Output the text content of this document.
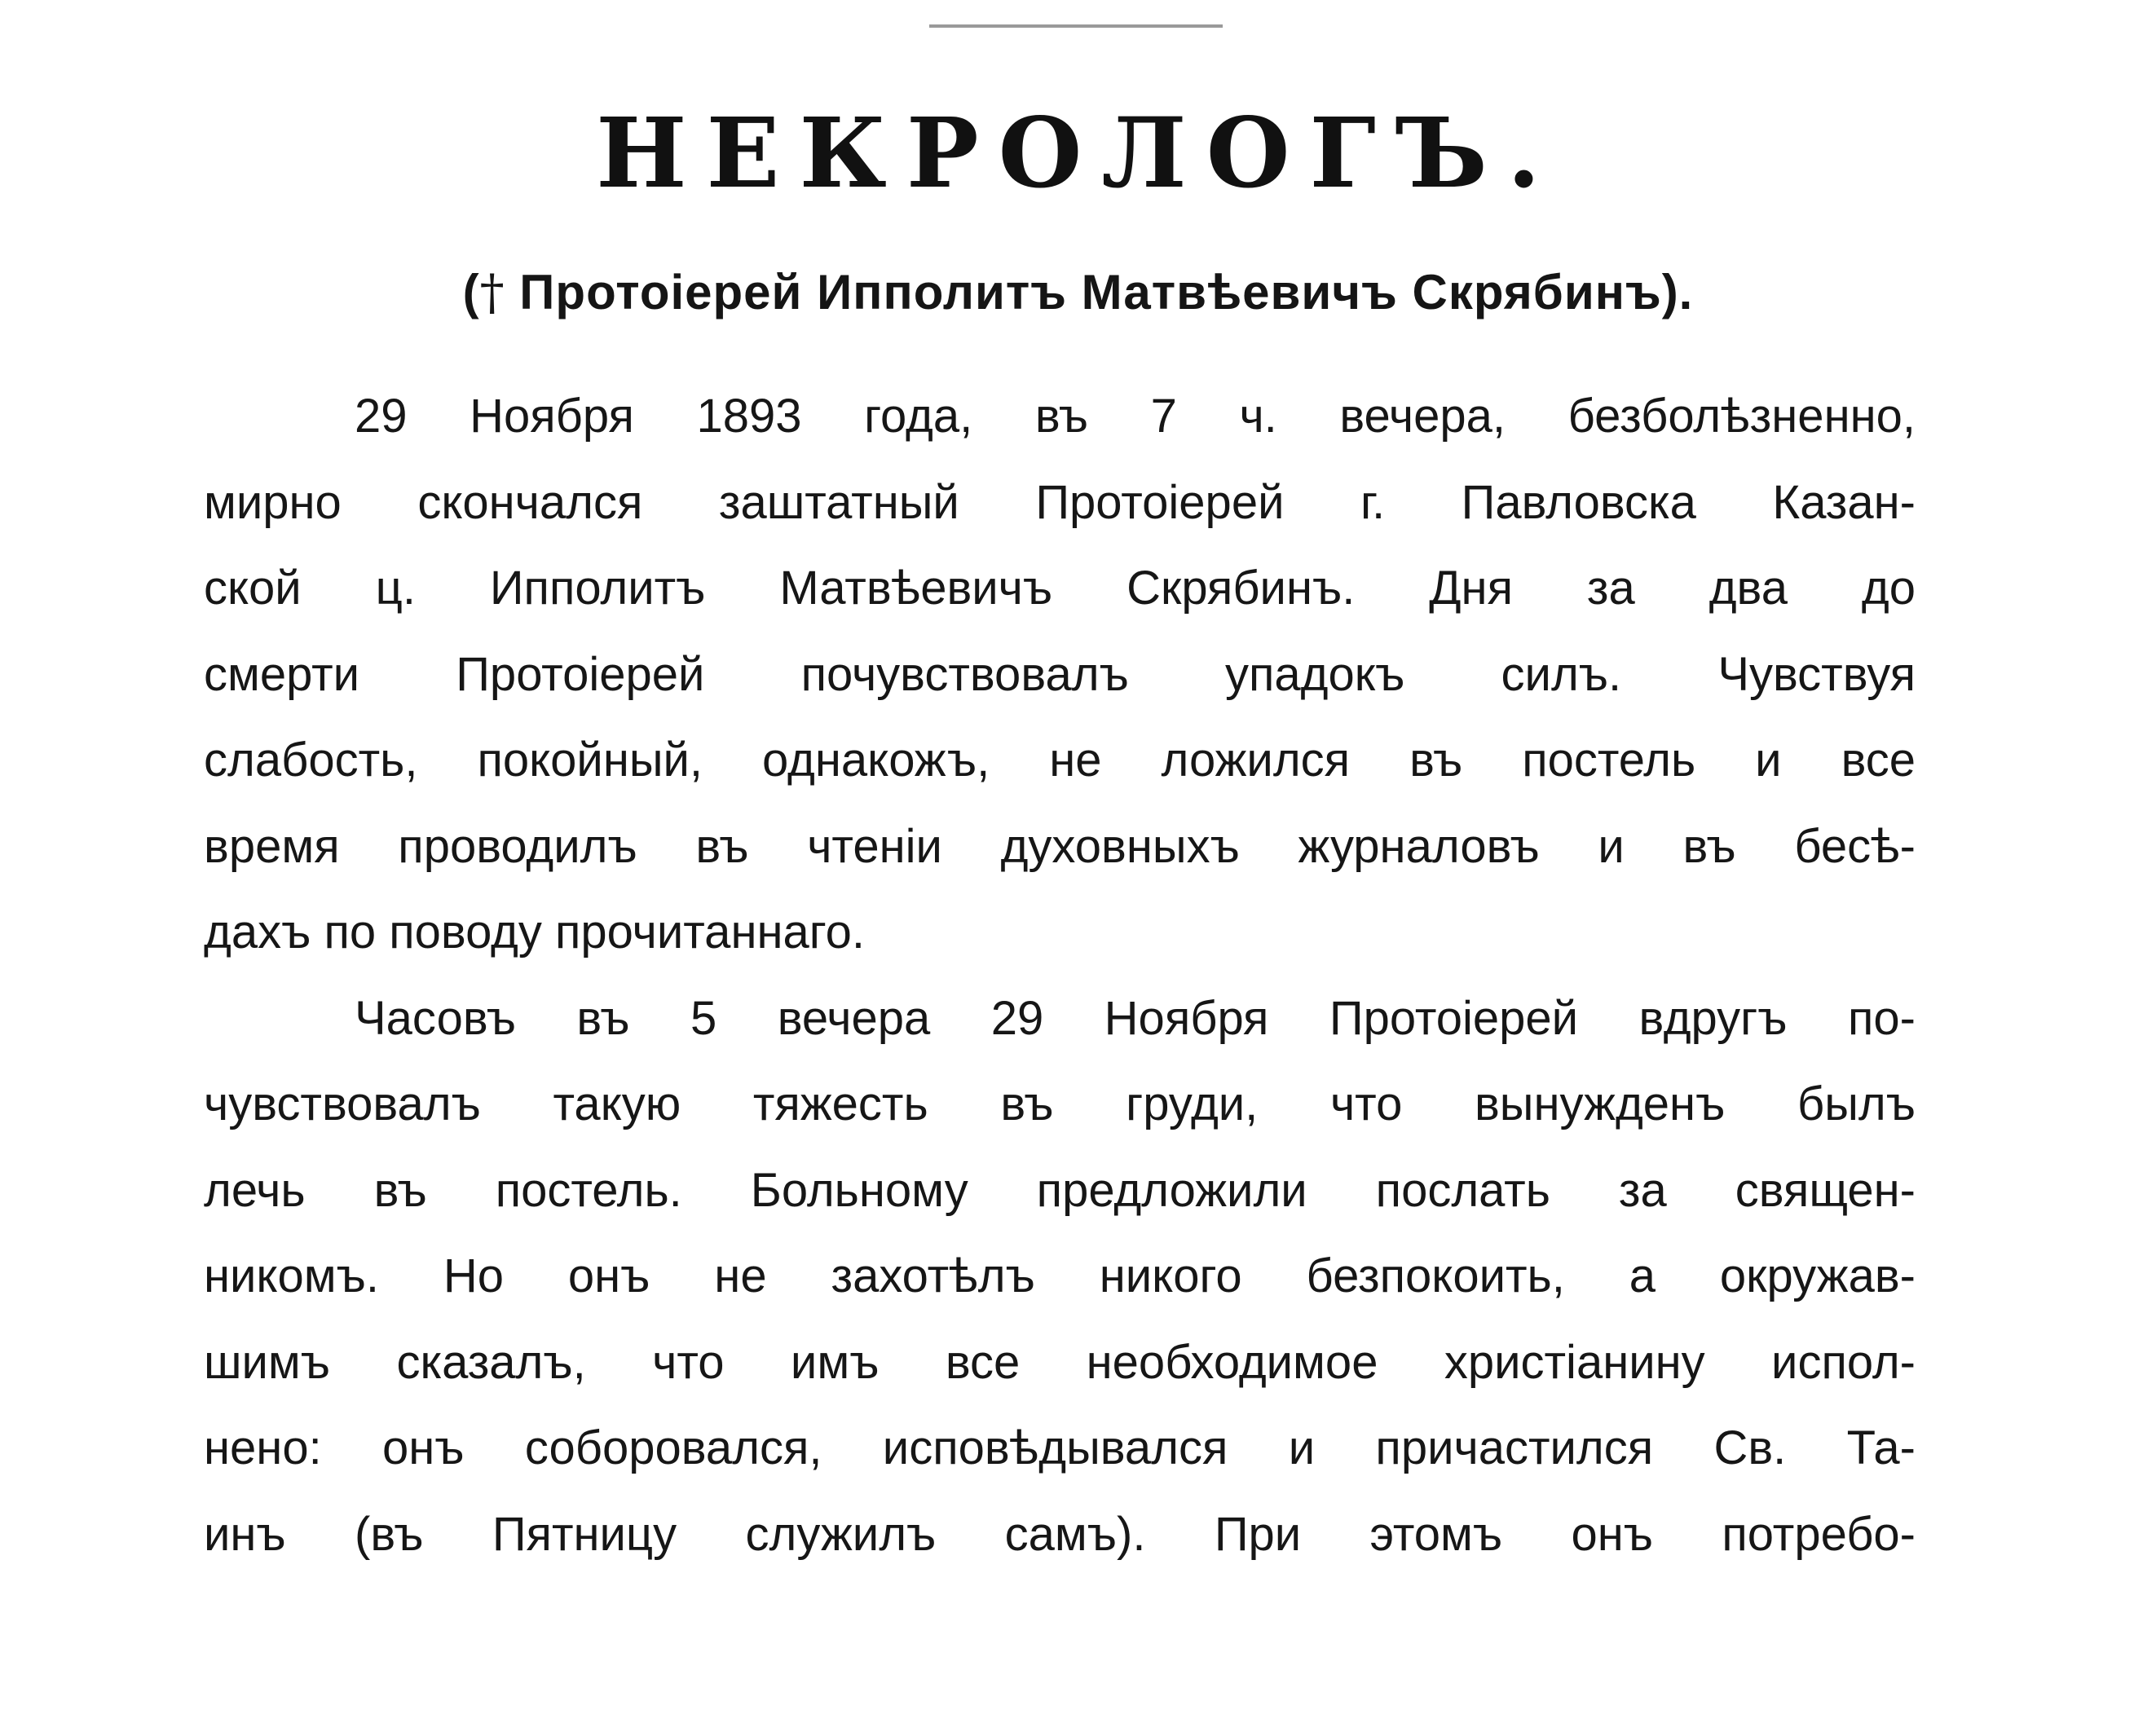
НЕКРОЛОГЪ.
(† Протоіерей Ипполитъ Матвѣевичъ Скрябинъ).
29 Ноября 1893 года, въ 7 ч. вечера, безболѣзненно,
мирно скончался заштатный Протоіерей г. Павловска Казан-
ской ц. Ипполитъ Матвѣевичъ Скрябинъ. Дня за два до
смерти Протоіерей почувствовалъ упадокъ силъ. Чувствуя
слабость, покойный, однакожъ, не ложился въ постель и все
время проводилъ въ чтеніи духовныхъ журналовъ и въ бесѣ-
дахъ по поводу прочитаннаго.
Часовъ въ 5 вечера 29 Ноября Протоіерей вдругъ по-
чувствовалъ такую тяжесть въ груди, что вынужденъ былъ
лечь въ постель. Больному предложили послать за священ-
никомъ. Но онъ не захотѣлъ никого безпокоить, а окружав-
шимъ сказалъ, что имъ все необходимое христіанину испол-
нено: онъ соборовался, исповѣдывался и причастился Св. Та-
инъ (въ Пятницу служилъ самъ). При этомъ онъ потребо-
